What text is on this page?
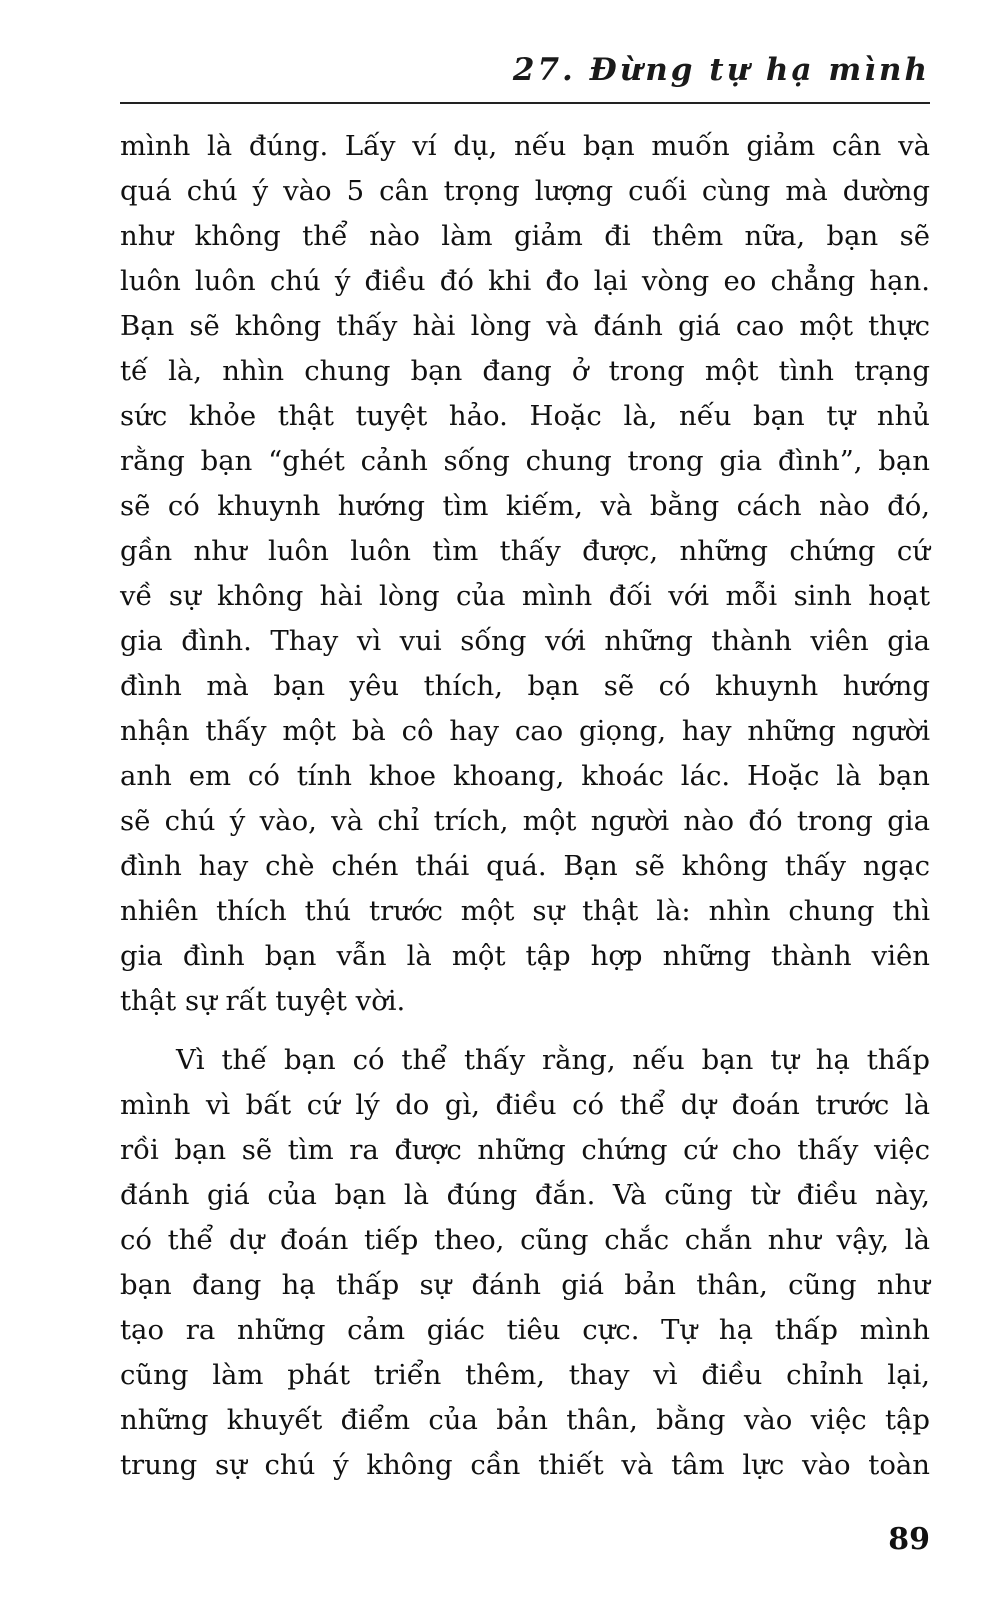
27. Đừng tự hạ mình
mình là đúng. Lấy ví dụ, nếu bạn muốn giảm cân và
quá chú ý vào 5 cân trọng lượng cuối cùng mà dường
như không thể nào làm giảm đi thêm nữa, bạn sẽ
luôn luôn chú ý điều đó khi đo lại vòng eo chẳng hạn.
Bạn sẽ không thấy hài lòng và đánh giá cao một thực
tế là, nhìn chung bạn đang ở trong một tình trạng
sức khỏe thật tuyệt hảo. Hoặc là, nếu bạn tự nhủ
rằng bạn “ghét cảnh sống chung trong gia đình”, bạn
sẽ có khuynh hướng tìm kiếm, và bằng cách nào đó,
gần như luôn luôn tìm thấy được, những chứng cứ
về sự không hài lòng của mình đối với mỗi sinh hoạt
gia đình. Thay vì vui sống với những thành viên gia
đình mà bạn yêu thích, bạn sẽ có khuynh hướng
nhận thấy một bà cô hay cao giọng, hay những người
anh em có tính khoe khoang, khoác lác. Hoặc là bạn
sẽ chú ý vào, và chỉ trích, một người nào đó trong gia
đình hay chè chén thái quá. Bạn sẽ không thấy ngạc
nhiên thích thú trước một sự thật là: nhìn chung thì
gia đình bạn vẫn là một tập hợp những thành viên
thật sự rất tuyệt vời.
Vì thế bạn có thể thấy rằng, nếu bạn tự hạ thấp
mình vì bất cứ lý do gì, điều có thể dự đoán trước là
rồi bạn sẽ tìm ra được những chứng cứ cho thấy việc
đánh giá của bạn là đúng đắn. Và cũng từ điều này,
có thể dự đoán tiếp theo, cũng chắc chắn như vậy, là
bạn đang hạ thấp sự đánh giá bản thân, cũng như
tạo ra những cảm giác tiêu cực. Tự hạ thấp mình
cũng làm phát triển thêm, thay vì điều chỉnh lại,
những khuyết điểm của bản thân, bằng vào việc tập
trung sự chú ý không cần thiết và tâm lực vào toàn
89
